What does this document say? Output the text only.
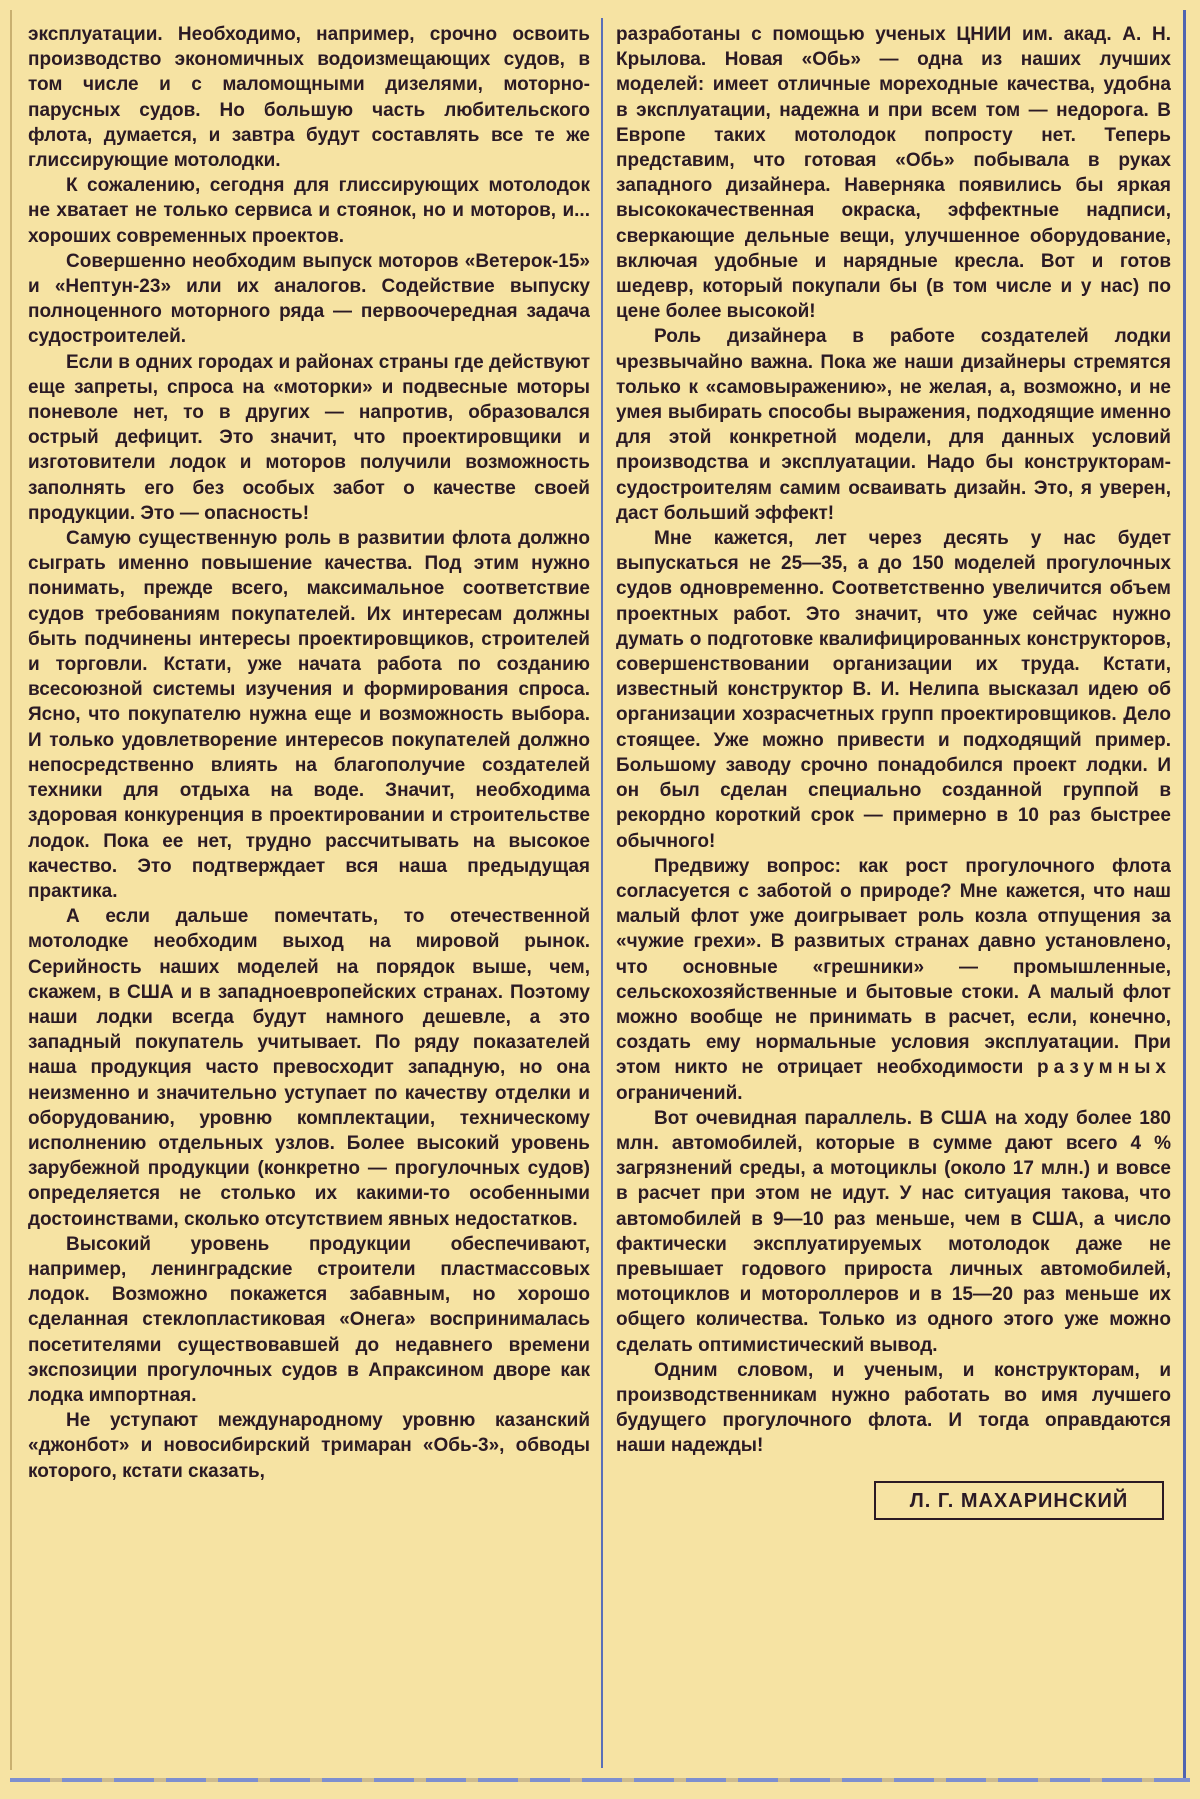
эксплуатации. Необходимо, например, срочно освоить производство экономичных водоизмещающих судов, в том числе и с маломощными дизелями, моторно-парусных судов. Но большую часть любительского флота, думается, и завтра будут составлять все те же глиссирующие мотолодки.

К сожалению, сегодня для глиссирующих мотолодок не хватает не только сервиса и стоянок, но и моторов, и... хороших современных проектов.

Совершенно необходим выпуск моторов «Ветерок-15» и «Нептун-23» или их аналогов. Содействие выпуску полноценного моторного ряда — первоочередная задача судостроителей.

Если в одних городах и районах страны где действуют еще запреты, спроса на «моторки» и подвесные моторы поневоле нет, то в других — напротив, образовался острый дефицит. Это значит, что проектировщики и изготовители лодок и моторов получили возможность заполнять его без особых забот о качестве своей продукции. Это — опасность!

Самую существенную роль в развитии флота должно сыграть именно повышение качества. Под этим нужно понимать, прежде всего, максимальное соответствие судов требованиям покупателей. Их интересам должны быть подчинены интересы проектировщиков, строителей и торговли. Кстати, уже начата работа по созданию всесоюзной системы изучения и формирования спроса. Ясно, что покупателю нужна еще и возможность выбора. И только удовлетворение интересов покупателей должно непосредственно влиять на благополучие создателей техники для отдыха на воде. Значит, необходима здоровая конкуренция в проектировании и строительстве лодок. Пока ее нет, трудно рассчитывать на высокое качество. Это подтверждает вся наша предыдущая практика.

А если дальше помечтать, то отечественной мотолодке необходим выход на мировой рынок. Серийность наших моделей на порядок выше, чем, скажем, в США и в западноевропейских странах. Поэтому наши лодки всегда будут намного дешевле, а это западный покупатель учитывает. По ряду показателей наша продукция часто превосходит западную, но она неизменно и значительно уступает по качеству отделки и оборудованию, уровню комплектации, техническому исполнению отдельных узлов. Более высокий уровень зарубежной продукции (конкретно — прогулочных судов) определяется не столько их какими-то особенными достоинствами, сколько отсутствием явных недостатков.

Высокий уровень продукции обеспечивают, например, ленинградские строители пластмассовых лодок. Возможно покажется забавным, но хорошо сделанная стеклопластиковая «Онега» воспринималась посетителями существовавшей до недавнего времени экспозиции прогулочных судов в Апраксином дворе как лодка импортная.

Не уступают международному уровню казанский «джонбот» и новосибирский тримаран «Обь-3», обводы которого, кстати сказать,

разработаны с помощью ученых ЦНИИ им. акад. А. Н. Крылова. Новая «Обь» — одна из наших лучших моделей: имеет отличные мореходные качества, удобна в эксплуатации, надежна и при всем том — недорога. В Европе таких мотолодок попросту нет. Теперь представим, что готовая «Обь» побывала в руках западного дизайнера. Наверняка появились бы яркая высококачественная окраска, эффектные надписи, сверкающие дельные вещи, улучшенное оборудование, включая удобные и нарядные кресла. Вот и готов шедевр, который покупали бы (в том числе и у нас) по цене более высокой!

Роль дизайнера в работе создателей лодки чрезвычайно важна. Пока же наши дизайнеры стремятся только к «самовыражению», не желая, а, возможно, и не умея выбирать способы выражения, подходящие именно для этой конкретной модели, для данных условий производства и эксплуатации. Надо бы конструкторам-судостроителям самим осваивать дизайн. Это, я уверен, даст больший эффект!

Мне кажется, лет через десять у нас будет выпускаться не 25—35, а до 150 моделей прогулочных судов одновременно. Соответственно увеличится объем проектных работ. Это значит, что уже сейчас нужно думать о подготовке квалифицированных конструкторов, совершенствовании организации их труда. Кстати, известный конструктор В. И. Нелипа высказал идею об организации хозрасчетных групп проектировщиков. Дело стоящее. Уже можно привести и подходящий пример. Большому заводу срочно понадобился проект лодки. И он был сделан специально созданной группой в рекордно короткий срок — примерно в 10 раз быстрее обычного!

Предвижу вопрос: как рост прогулочного флота согласуется с заботой о природе? Мне кажется, что наш малый флот уже доигрывает роль козла отпущения за «чужие грехи». В развитых странах давно установлено, что основные «грешники» — промышленные, сельскохозяйственные и бытовые стоки. А малый флот можно вообще не принимать в расчет, если, конечно, создать ему нормальные условия эксплуатации. При этом никто не отрицает необходимости разумных ограничений.

Вот очевидная параллель. В США на ходу более 180 млн. автомобилей, которые в сумме дают всего 4 % загрязнений среды, а мотоциклы (около 17 млн.) и вовсе в расчет при этом не идут. У нас ситуация такова, что автомобилей в 9—10 раз меньше, чем в США, а число фактически эксплуатируемых мотолодок даже не превышает годового прироста личных автомобилей, мотоциклов и мотороллеров и в 15—20 раз меньше их общего количества. Только из одного этого уже можно сделать оптимистический вывод.

Одним словом, и ученым, и конструкторам, и производственникам нужно работать во имя лучшего будущего прогулочного флота. И тогда оправдаются наши надежды!

Л. Г. МАХАРИНСКИЙ
